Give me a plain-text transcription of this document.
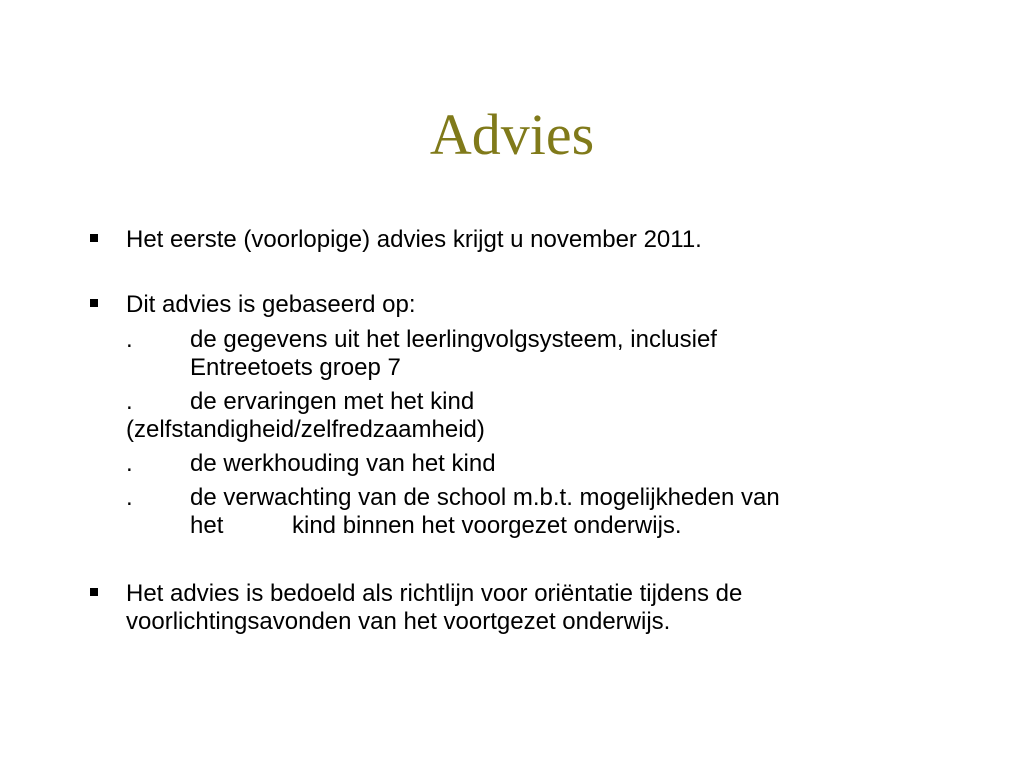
Advies
Het eerste (voorlopige) advies krijgt u november 2011.
Dit advies is gebaseerd op:
. de gegevens uit het leerlingvolgsysteem, inclusief
Entreetoets groep 7
. de ervaringen met het kind
(zelfstandigheid/zelfredzaamheid)
. de werkhouding van het kind
. de verwachting van de school m.b.t. mogelijkheden van
het	kind binnen het voorgezet onderwijs.
Het advies is bedoeld als richtlijn voor oriëntatie tijdens de
voorlichtingsavonden van het voortgezet onderwijs.
